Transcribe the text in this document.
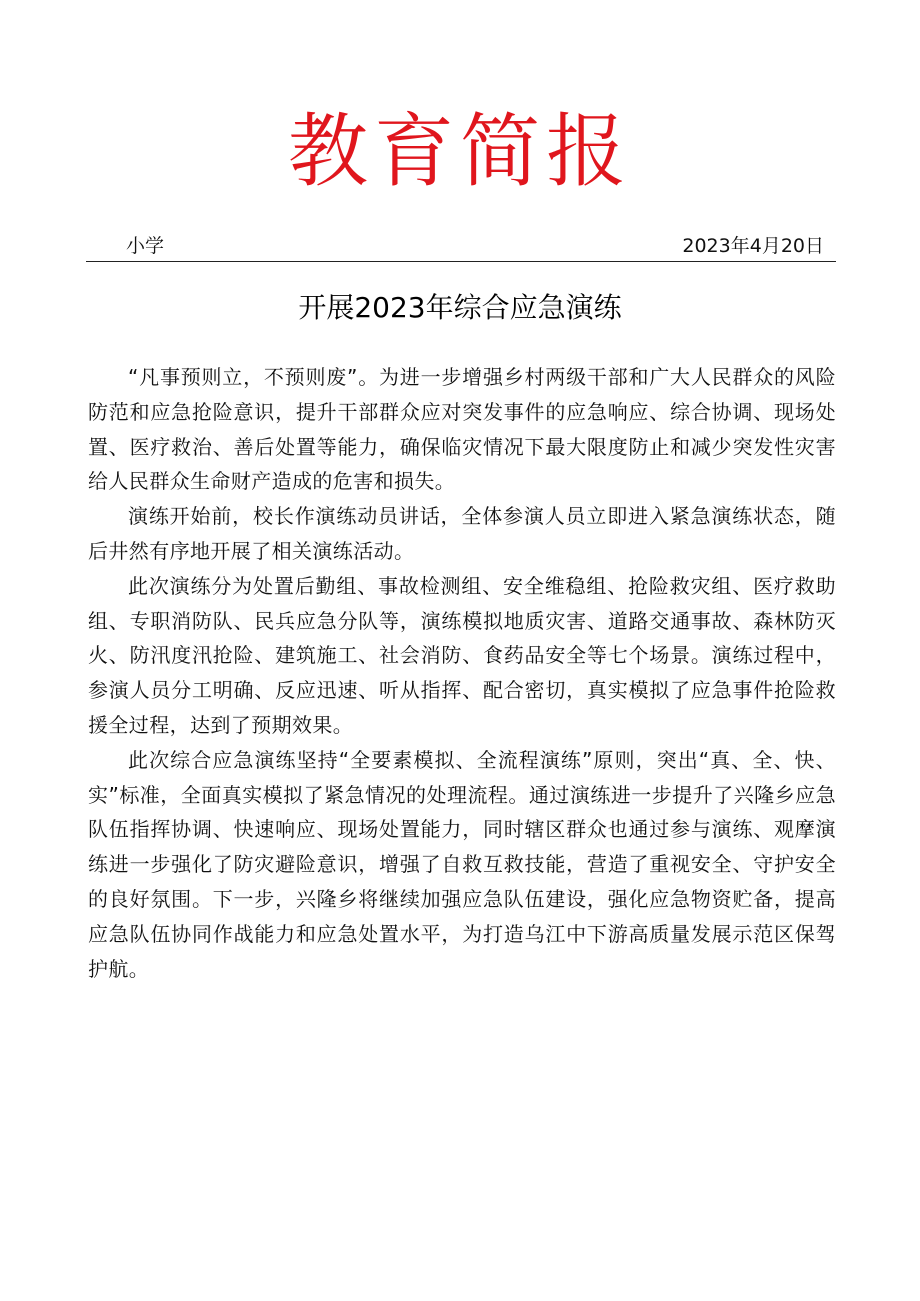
教育简报
小学	2023年4月20日
开展2023年综合应急演练

“凡事预则立，不预则废”。为进一步增强乡村两级干部和广大人民群众的风险防范和应急抢险意识，提升干部群众应对突发事件的应急响应、综合协调、现场处置、医疗救治、善后处置等能力，确保临灾情况下最大限度防止和减少突发性灾害给人民群众生命财产造成的危害和损失。

演练开始前，校长作演练动员讲话，全体参演人员立即进入紧急演练状态，随后井然有序地开展了相关演练活动。

此次演练分为处置后勤组、事故检测组、安全维稳组、抢险救灾组、医疗救助组、专职消防队、民兵应急分队等，演练模拟地质灾害、道路交通事故、森林防灭火、防汛度汛抢险、建筑施工、社会消防、食药品安全等七个场景。演练过程中，参演人员分工明确、反应迅速、听从指挥、配合密切，真实模拟了应急事件抢险救援全过程，达到了预期效果。

此次综合应急演练坚持“全要素模拟、全流程演练”原则，突出“真、全、快、实”标准，全面真实模拟了紧急情况的处理流程。通过演练进一步提升了兴隆乡应急队伍指挥协调、快速响应、现场处置能力，同时辖区群众也通过参与演练、观摩演练进一步强化了防灾避险意识，增强了自救互救技能，营造了重视安全、守护安全的良好氛围。下一步，兴隆乡将继续加强应急队伍建设，强化应急物资贮备，提高应急队伍协同作战能力和应急处置水平，为打造乌江中下游高质量发展示范区保驾护航。
